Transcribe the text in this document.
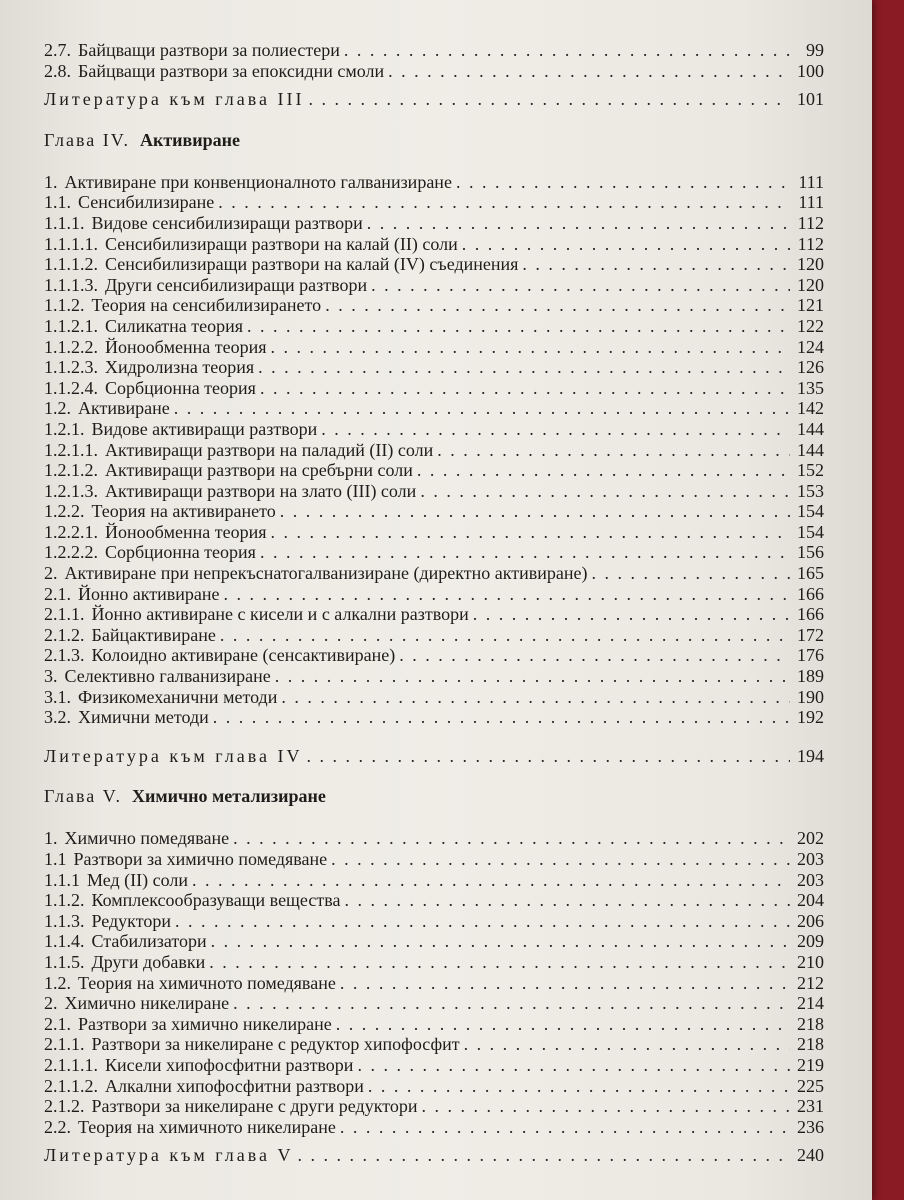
2.7. Байцващи разтвори за полиестери . . .	99
2.8. Байцващи разтвори за епоксидни смоли . . .	100
Литература към глава III . . .	101
Глава IV. Активиране
1. Активиране при конвенционалното галванизиране . . .	111
1.1. Сенсибилизиране . . .	111
1.1.1. Видове сенсибилизиращи разтвори . . .	112
1.1.1.1. Сенсибилизиращи разтвори на калай (II) соли . . .	112
1.1.1.2. Сенсибилизиращи разтвори на калай (IV) съединения . . .	120
1.1.1.3. Други сенсибилизиращи разтвори . . .	120
1.1.2. Теория на сенсибилизирането . . .	121
1.1.2.1. Силикатна теория . . .	122
1.1.2.2. Йонообменна теория . . .	124
1.1.2.3. Хидролизна теория . . .	126
1.1.2.4. Сорбционна теория . . .	135
1.2. Активиране . . .	142
1.2.1. Видове активиращи разтвори . . .	144
1.2.1.1. Активиращи разтвори на паладий (II) соли . . .	144
1.2.1.2. Активиращи разтвори на сребърни соли . . .	152
1.2.1.3. Активиращи разтвори на злато (III) соли . . .	153
1.2.2. Теория на активирането . . .	154
1.2.2.1. Йонообменна теория . . .	154
1.2.2.2. Сорбционна теория . . .	156
2. Активиране при непрекъснатогалванизиране (директно активиране) . . .	165
2.1. Йонно активиране . . .	166
2.1.1. Йонно активиране с кисели и с алкални разтвори . . .	166
2.1.2. Байцактивиране . . .	172
2.1.3. Колоидно активиране (сенсактивиране) . . .	176
3. Селективно галванизиране . . .	189
3.1. Физикомеханични методи . . .	190
3.2. Химични методи . . .	192
Литература към глава IV . . .	194
Глава V. Химично метализиране
1. Химично помедяване . . .	202
1.1 Разтвори за химично помедяване . . .	203
1.1.1 Мед (II) соли . . .	203
1.1.2. Комплексообразуващи вещества . . .	204
1.1.3. Редуктори . . .	206
1.1.4. Стабилизатори . . .	209
1.1.5. Други добавки . . .	210
1.2. Теория на химичното помедяване . . .	212
2. Химично никелиране . . .	214
2.1. Разтвори за химично никелиране . . .	218
2.1.1. Разтвори за никелиране с редуктор хипофосфит . . .	218
2.1.1.1. Кисели хипофосфитни разтвори . . .	219
2.1.1.2. Алкални хипофосфитни разтвори . . .	225
2.1.2. Разтвори за никелиране с други редуктори . . .	231
2.2. Теория на химичното никелиране . . .	236
Литература към глава V . . .	240
